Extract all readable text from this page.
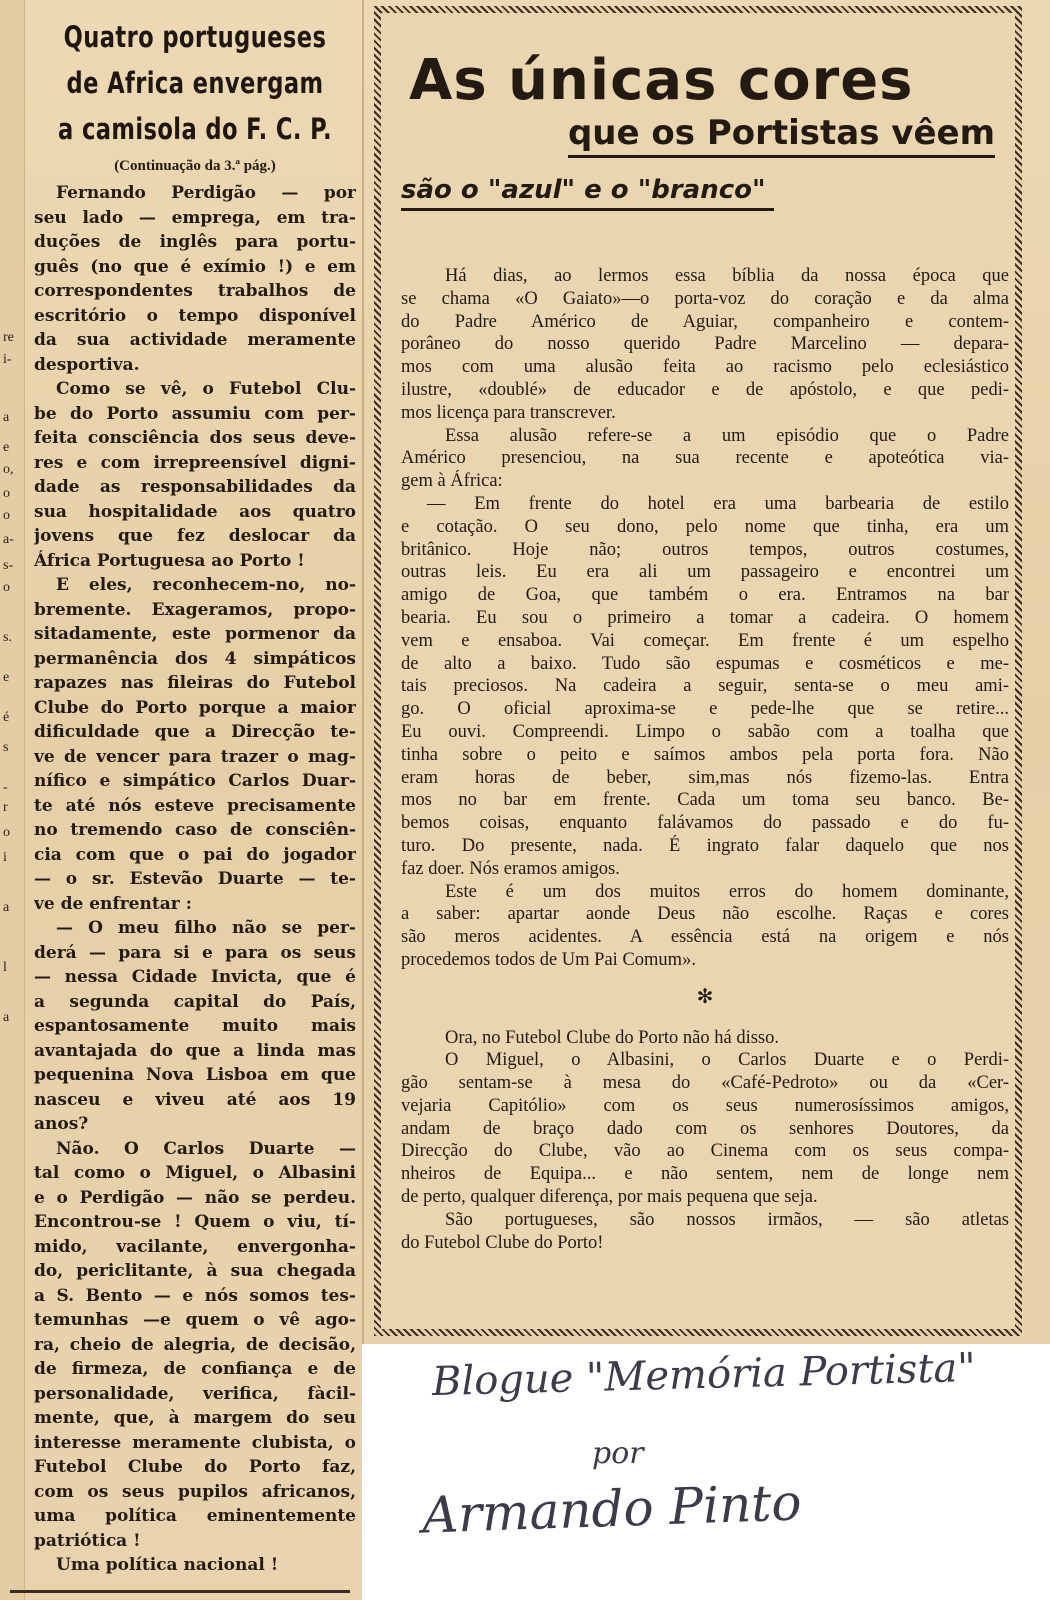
re
i-
a
e
o,
o
o
a-
s-
o
s.
e
é
s
-
r
o
i
a
l
a
Quatro portugueses
de Africa envergam
a camisola do F. C. P.
(Continuação da 3.ª pág.)
Fernando Perdigão — por
seu lado — emprega, em tra-
duções de inglês para portu-
guês (no que é exímio !) e em
correspondentes trabalhos de
escritório o tempo disponível
da sua actividade meramente
desportiva.
Como se vê, o Futebol Clu-
be do Porto assumiu com per-
feita consciência dos seus deve-
res e com irrepreensível digni-
dade as responsabilidades da
sua hospitalidade aos quatro
jovens que fez deslocar da
África Portuguesa ao Porto !
E eles, reconhecem-no, no-
bremente. Exageramos, propo-
sitadamente, este pormenor da
permanência dos 4 simpáticos
rapazes nas fileiras do Futebol
Clube do Porto porque a maior
dificuldade que a Direcção te-
ve de vencer para trazer o mag-
nífico e simpático Carlos Duar-
te até nós esteve precisamente
no tremendo caso de consciên-
cia com que o pai do jogador
— o sr. Estevão Duarte — te-
ve de enfrentar :
— O meu filho não se per-
derá — para si e para os seus
— nessa Cidade Invicta, que é
a segunda capital do País,
espantosamente muito mais
avantajada do que a linda mas
pequenina Nova Lisboa em que
nasceu e viveu até aos 19
anos?
Não. O Carlos Duarte —
tal como o Miguel, o Albasini
e o Perdigão — não se perdeu.
Encontrou-se ! Quem o viu, tí-
mido, vacilante, envergonha-
do, periclitante, à sua chegada
a S. Bento — e nós somos tes-
temunhas —e quem o vê ago-
ra, cheio de alegria, de decisão,
de firmeza, de confiança e de
personalidade, verifica, fàcil-
mente, que, à margem do seu
interesse meramente clubista, o
Futebol Clube do Porto faz,
com os seus pupilos africanos,
uma política eminentemente
patriótica !
Uma política nacional !
As únicas cores
que os Portistas vêem
são o "azul" e o "branco"
Há dias, ao lermos essa bíblia da nossa época que
se chama «O Gaiato»—o porta-voz do coração e da alma
do Padre Américo de Aguiar, companheiro e contem-
porâneo do nosso querido Padre Marcelino — depara-
mos com uma alusão feita ao racismo pelo eclesiástico
ilustre, «doublé» de educador e de apóstolo, e que pedi-
mos licença para transcrever.
Essa alusão refere-se a um episódio que o Padre
Américo presenciou, na sua recente e apoteótica via-
gem à África:
— Em frente do hotel era uma barbearia de estilo
e cotação. O seu dono, pelo nome que tinha, era um
britânico. Hoje não; outros tempos, outros costumes,
outras leis. Eu era ali um passageiro e encontrei um
amigo de Goa, que também o era. Entramos na bar
bearia. Eu sou o primeiro a tomar a cadeira. O homem
vem e ensaboa. Vai começar. Em frente é um espelho
de alto a baixo. Tudo são espumas e cosméticos e me-
tais preciosos. Na cadeira a seguir, senta-se o meu ami-
go. O oficial aproxima-se e pede-lhe que se retire...
Eu ouvi. Compreendi. Limpo o sabão com a toalha que
tinha sobre o peito e saímos ambos pela porta fora. Não
eram horas de beber, sim,mas nós fizemo-las. Entra
mos no bar em frente. Cada um toma seu banco. Be-
bemos coisas, enquanto falávamos do passado e do fu-
turo. Do presente, nada. É ingrato falar daquelo que nos
faz doer. Nós eramos amigos.
Este é um dos muitos erros do homem dominante,
a saber: apartar aonde Deus não escolhe. Raças e cores
são meros acidentes. A essência está na origem e nós
procedemos todos de Um Pai Comum».
✻
Ora, no Futebol Clube do Porto não há disso.
O Miguel, o Albasini, o Carlos Duarte e o Perdi-
gão sentam-se à mesa do «Café-Pedroto» ou da «Cer-
vejaria Capitólio» com os seus numerosíssimos amigos,
andam de braço dado com os senhores Doutores, da
Direcção do Clube, vão ao Cinema com os seus compa-
nheiros de Equipa... e não sentem, nem de longe nem
de perto, qualquer diferença, por mais pequena que seja.
São portugueses, são nossos irmãos, — são atletas
do Futebol Clube do Porto!
Blogue "Memória Portista"
por
Armando Pinto
